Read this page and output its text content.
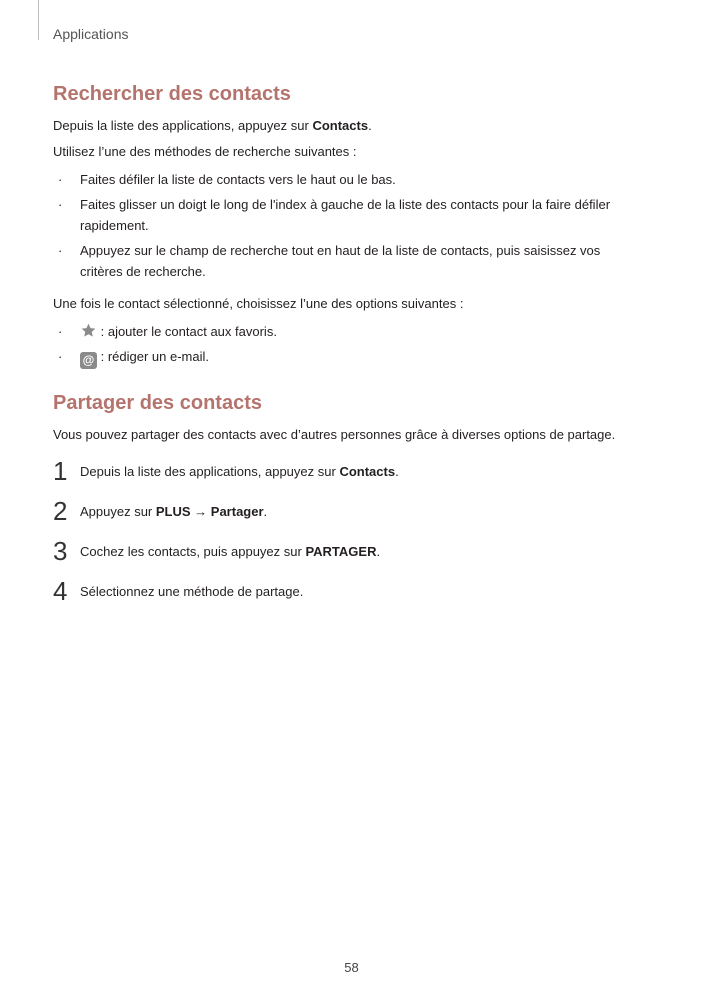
Applications
Rechercher des contacts
Depuis la liste des applications, appuyez sur Contacts.
Utilisez l’une des méthodes de recherche suivantes :
· Faites défiler la liste de contacts vers le haut ou le bas.
· Faites glisser un doigt le long de l'index à gauche de la liste des contacts pour la faire défiler rapidement.
· Appuyez sur le champ de recherche tout en haut de la liste de contacts, puis saisissez vos critères de recherche.
Une fois le contact sélectionné, choisissez l’une des options suivantes :
·	: ajouter le contact aux favoris.
· @ : rédiger un e-mail.
Partager des contacts
Vous pouvez partager des contacts avec d’autres personnes grâce à diverses options de partage.
1 Depuis la liste des applications, appuyez sur Contacts.
2 Appuyez sur PLUS → Partager.
3 Cochez les contacts, puis appuyez sur PARTAGER.
4 Sélectionnez une méthode de partage.
58
